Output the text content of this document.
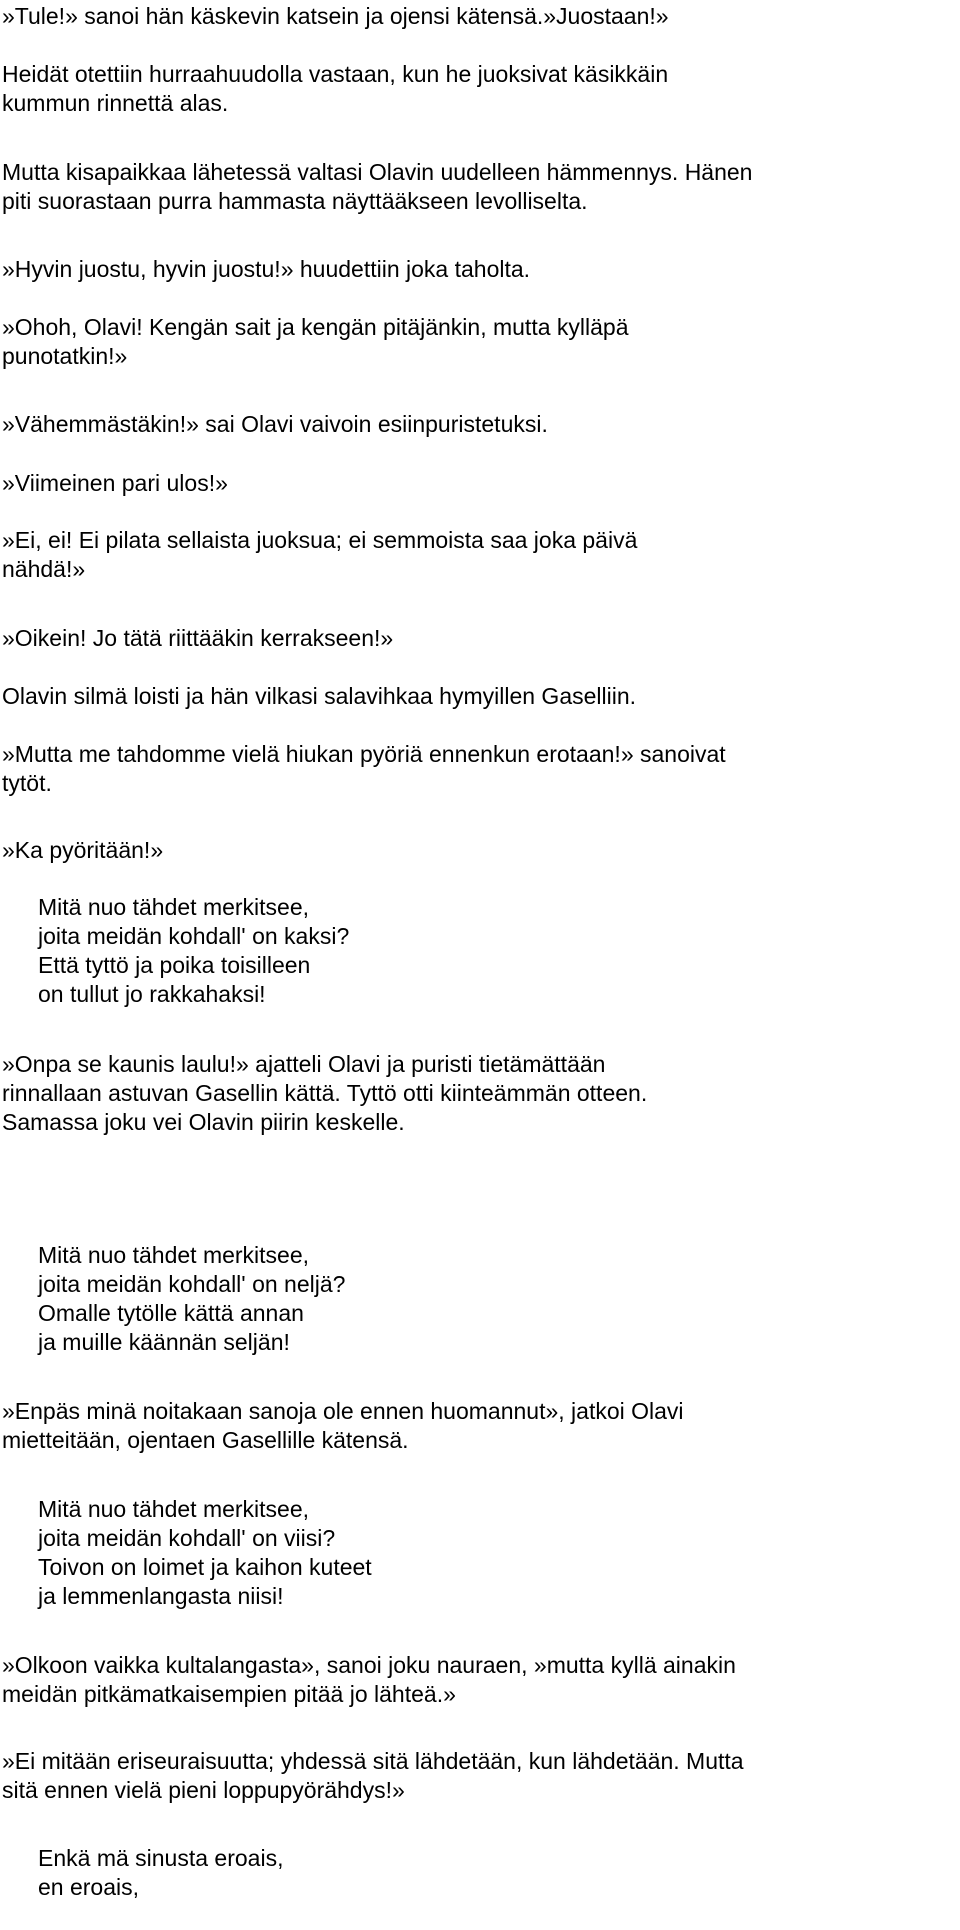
»Tule!» sanoi hän käskevin katsein ja ojensi kätensä.»Juostaan!»

Heidät otettiin hurraahuudolla vastaan, kun he juoksivat käsikkäin
kummun rinnettä alas.

Mutta kisapaikkaa lähetessä valtasi Olavin uudelleen hämmennys. Hänen
piti suorastaan purra hammasta näyttääkseen levolliselta.

»Hyvin juostu, hyvin juostu!» huudettiin joka taholta.

»Ohoh, Olavi! Kengän sait ja kengän pitäjänkin, mutta kylläpä
punotatkin!»

»Vähemmästäkin!» sai Olavi vaivoin esiinpuristetuksi.

»Viimeinen pari ulos!»

»Ei, ei! Ei pilata sellaista juoksua; ei semmoista saa joka päivä
nähdä!»

»Oikein! Jo tätä riittääkin kerrakseen!»

Olavin silmä loisti ja hän vilkasi salavihkaa hymyillen Gaselliin.

»Mutta me tahdomme vielä hiukan pyöriä ennenkun erotaan!» sanoivat
tytöt.

»Ka pyöritään!»

Mitä nuo tähdet merkitsee,
joita meidän kohdall' on kaksi?
Että tyttö ja poika toisilleen
on tullut jo rakkahaksi!

»Onpa se kaunis laulu!» ajatteli Olavi ja puristi tietämättään
rinnallaan astuvan Gasellin kättä. Tyttö otti kiinteämmän otteen.
Samassa joku vei Olavin piirin keskelle.

Mitä nuo tähdet merkitsee,
joita meidän kohdall' on neljä?
Omalle tytölle kättä annan
ja muille käännän seljän!

»Enpäs minä noitakaan sanoja ole ennen huomannut», jatkoi Olavi
mietteitään, ojentaen Gasellille kätensä.

Mitä nuo tähdet merkitsee,
joita meidän kohdall' on viisi?
Toivon on loimet ja kaihon kuteet
ja lemmenlangasta niisi!

»Olkoon vaikka kultalangasta», sanoi joku nauraen, »mutta kyllä ainakin
meidän pitkämatkaisempien pitää jo lähteä.»

»Ei mitään eriseuraisuutta; yhdessä sitä lähdetään, kun lähdetään. Mutta
sitä ennen vielä pieni loppupyörähdys!»

Enkä mä sinusta eroais,
en eroais,
